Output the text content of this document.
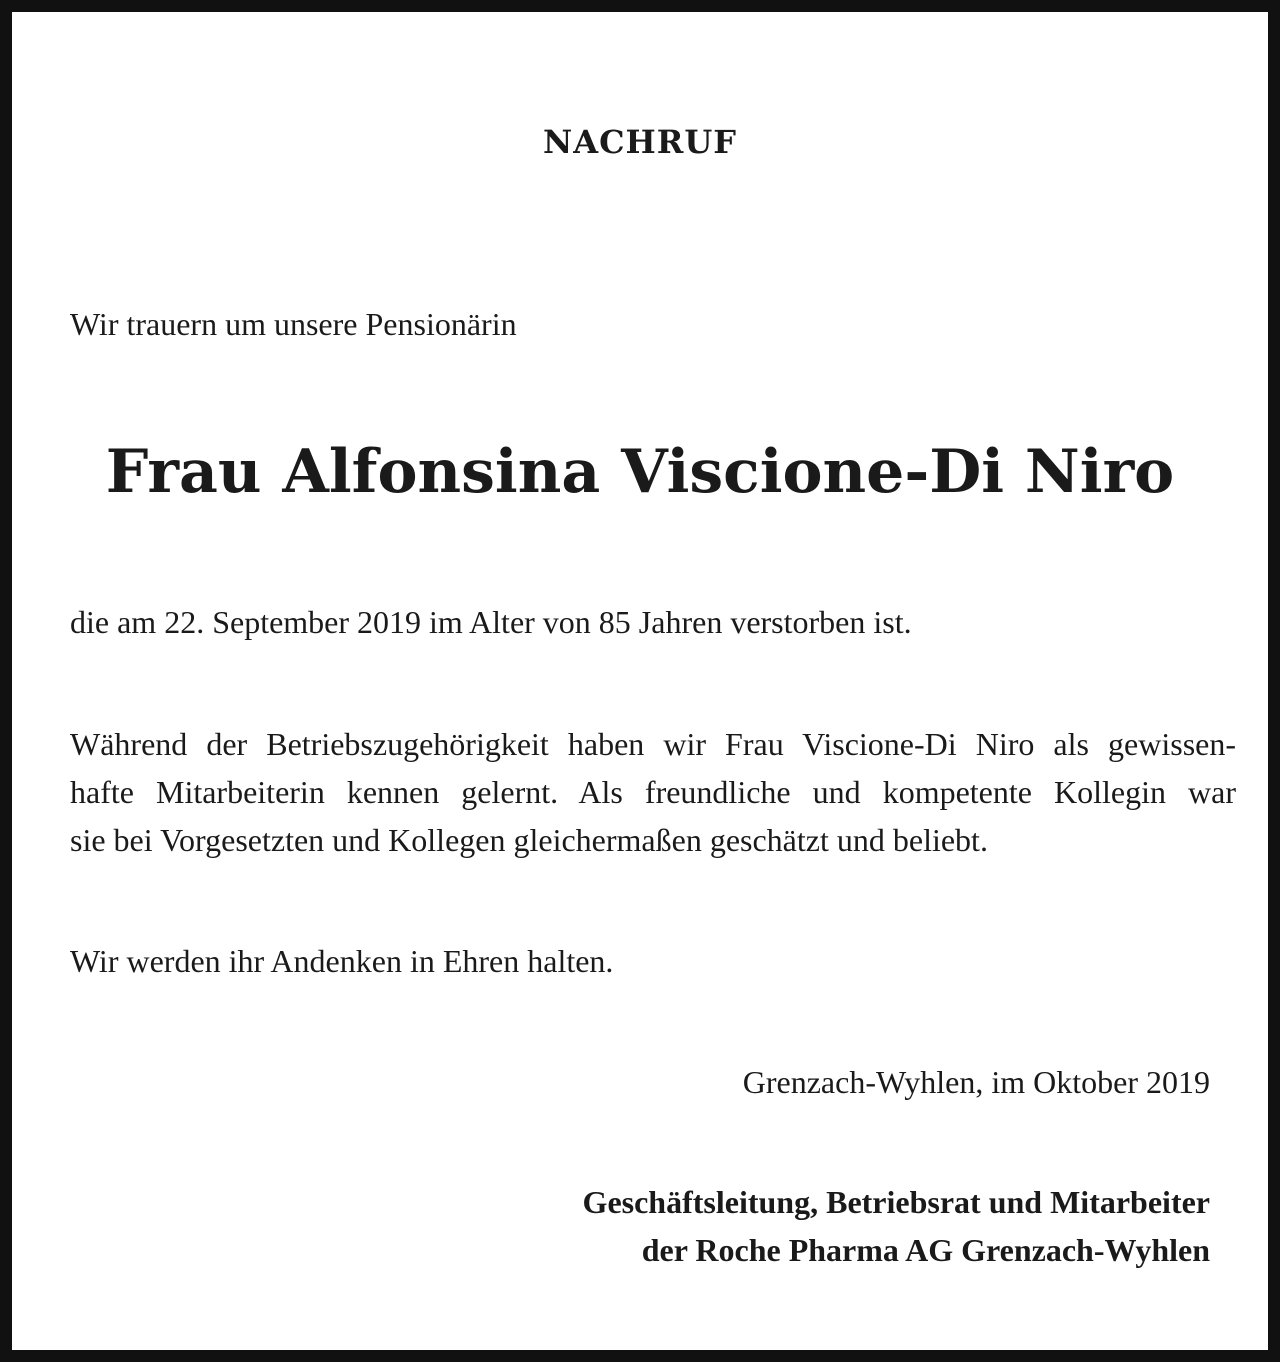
NACHRUF
Wir trauern um unsere Pensionärin
Frau Alfonsina Viscione-Di Niro
die am 22. September 2019 im Alter von 85 Jahren verstorben ist.
Während der Betriebszugehörigkeit haben wir Frau Viscione-Di Niro als gewissen-
hafte Mitarbeiterin kennen gelernt. Als freundliche und kompetente Kollegin war
sie bei Vorgesetzten und Kollegen gleichermaßen geschätzt und beliebt.
Wir werden ihr Andenken in Ehren halten.
Grenzach-Wyhlen, im Oktober 2019
Geschäftsleitung, Betriebsrat und Mitarbeiter
der Roche Pharma AG Grenzach-Wyhlen
